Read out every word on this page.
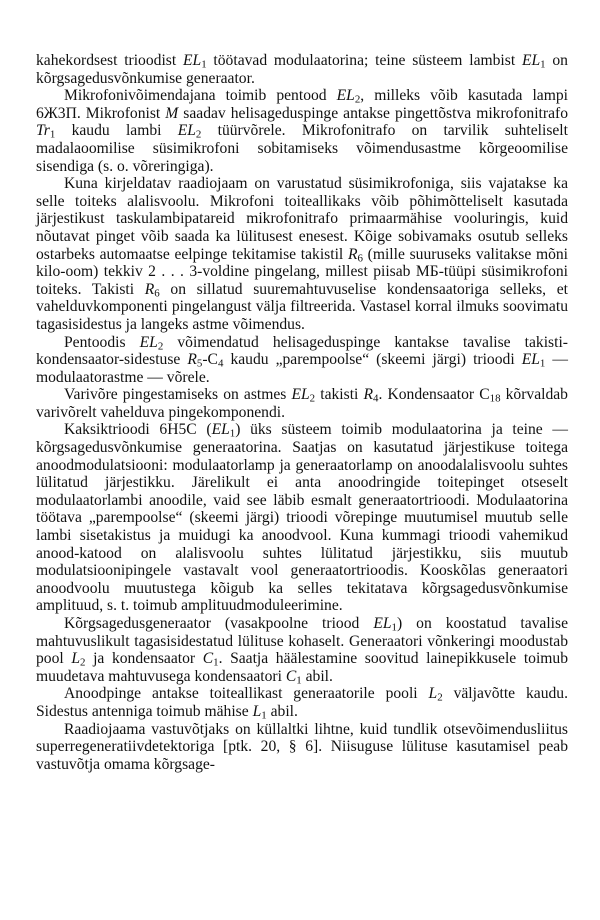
kahekordsest trioodist $EL_1$ töötavad modulaatorina; teine süsteem lambist $EL_1$ on kõrgsagedusvõnkumise generaator.

Mikrofonivõimendajana toimib pentood $EL_2$, milleks võib kasutada lampi 6Ж3П. Mikrofonist M saadav helisageduspinge antakse pingettõstva mikrofonitrafo $Tr_1$ kaudu lambi $EL_2$ tüürvõrele. Mikrofonitrafo on tarvilik suhteliselt madalaoomilise süsimikrofoni sobitamiseks võimendusastme kõrgeoomilise sisendiga (s. o. võreringiga).

Kuna kirjeldatav raadiojaam on varustatud süsimikrofoniga, siis vajatakse ka selle toiteks alalisvoolu. Mikrofoni toiteallikaks võib põhimõtteliselt kasutada järjestikust taskulambipatareid mikrofonitrafo primaarmähise vooluringis, kuid nõutavat pinget võib saada ka lülitusest enesest. Kõige sobivamaks osutub selleks ostarbeks automaatse eelpinge tekitamise takistil $R_6$ (mille suuruseks valitakse mõni kilo-oom) tekkiv 2 . . . 3-voldine pingelang, millest piisab MБ-tüüpi süsimikrofoni toiteks. Takisti $R_6$ on sillatud suuremahtuvuselise kondensaatoriga selleks, et vahelduvkomponenti pingelangust välja filtreerida. Vastasel korral ilmuks soovimatu tagasisidestus ja langeks astme võimendus.

Pentoodis $EL_2$ võimendatud helisageduspinge kantakse tavalise takisti-kondensaator-sidestuse $R_5-C_4$ kaudu „parempoolse“ (skeemi järgi) trioodi $EL_1$ — modulaatorastme — võrele.

Varivõre pingestamiseks on astmes $EL_2$ takisti $R_4$. Kondensaator $C_{18}$ kõrvaldab varivõrelt vahelduva pingekomponendi.

Kaksiktrioodi 6H5C $(EL_1)$ üks süsteem toimib modulaatorina ja teine — kõrgsagedusvõnkumise generaatorina. Saatjas on kasutatud järjestikuse toitega anoodmodulatsiooni: modulaatorlamp ja generaatorlamp on anoodalalisvoolu suhtes lülitatud järjestikku. Järelikult ei anta anoodringide toitepinget otseselt modulaatorlambi anoodile, vaid see läbib esmalt generaatortrioodi. Modulaatorina töötava „parempoolse“ (skeemi järgi) trioodi võrepinge muutumisel muutub selle lambi sisetakistus ja muidugi ka anoodvool. Kuna kummagi trioodi vahemikud anood-katood on alalisvoolu suhtes lülitatud järjestikku, siis muutub modulatsioonipingele vastavalt vool generaatortrioodis. Kooskõlas generaatori anoodvoolu muutustega kõigub ka selles tekitatava kõrgsagedusvõnkumise amplituud, s. t. toimub amplituudmoduleerimine.

Kõrgsagedusgeneraator (vasakpoolne triood $EL_1$) on koostatud tavalise mahtuvuslikult tagasisidestatud lülituse kohaselt. Generaatori võnkeringi moodustab pool $L_2$ ja kondensaator $C_1$. Saatja häälestamine soovitud lainepikkusele toimub muudetava mahtuvusega kondensaatori $C_1$ abil.

Anoodpinge antakse toiteallikast generaatorile pooli $L_2$ väljavõtte kaudu. Sidestus antenniga toimub mähise $L_1$ abil.

Raadiojaama vastuvõtjaks on küllaltki lihtne, kuid tundlik otsevõimendusliitus superregeneratiivdetektoriga [ptk. 20, § 6]. Niisuguse lülituse kasutamisel peab vastuvõtja omama kõrgsage-
